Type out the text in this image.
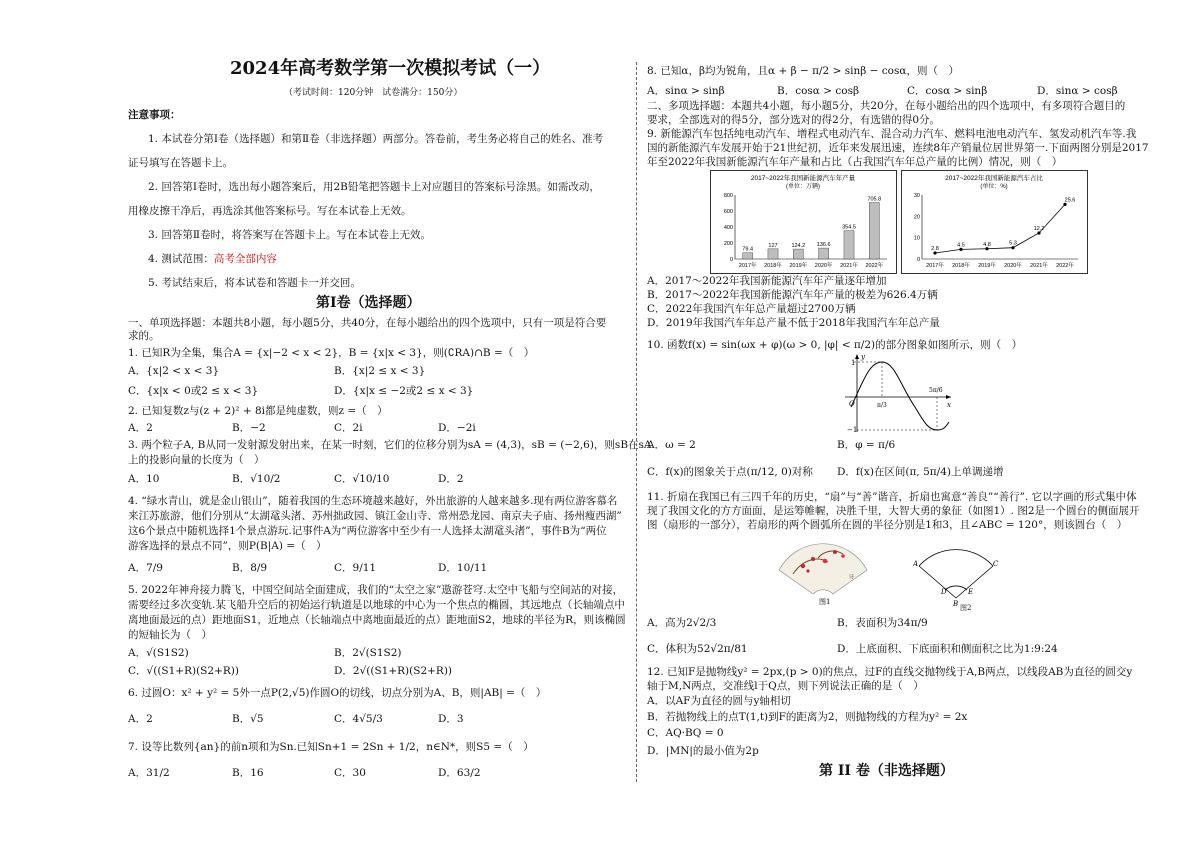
2024年高考数学第一次模拟考试（一）
（考试时间：120分钟　试卷满分：150分）
注意事项：
1. 本试卷分第Ⅰ卷（选择题）和第Ⅱ卷（非选择题）两部分。答卷前，考生务必将自己的姓名、准考
证号填写在答题卡上。
2. 回答第Ⅰ卷时，选出每小题答案后，用2B铅笔把答题卡上对应题目的答案标号涂黑。如需改动，
用橡皮擦干净后，再选涂其他答案标号。写在本试卷上无效。
3. 回答第Ⅱ卷时，将答案写在答题卡上。写在本试卷上无效。
4. 测试范围：高考全部内容
5. 考试结束后，将本试卷和答题卡一并交回。
第Ⅰ卷（选择题）
一、单项选择题：本题共8小题，每小题5分，共40分，在每小题给出的四个选项中，只有一项是符合要
求的。
1. 已知R为全集，集合A = {x|−2 < x < 2}，B = {x|x < 3}，则(∁RA)∩B =（　）
A．{x|2 < x < 3}	B．{x|2 ≤ x < 3}
C．{x|x < 0或2 ≤ x < 3}	D．{x|x ≤ −2或2 ≤ x < 3}
2. 已知复数z与(z + 2)² + 8i都是纯虚数，则z =（　）
A．2	B．−2	C．2i	D．−2i
3. 两个粒子A, B从同一发射源发射出来，在某一时刻，它们的位移分别为sA = (4,3)，sB = (−2,6)，则sB在sA
上的投影向量的长度为（　）
A．10	B．√10/2	C．√10/10	D．2
4. “绿水青山，就是金山银山”，随着我国的生态环境越来越好，外出旅游的人越来越多.现有两位游客慕名
来江苏旅游，他们分别从“太湖鼋头渚、苏州拙政园、镇江金山寺、常州恐龙园、南京夫子庙、扬州瘦西湖”
这6个景点中随机选择1个景点游玩.记事件A为“两位游客中至少有一人选择太湖鼋头渚”，事件B为“两位
游客选择的景点不同”，则P(B|A) =（　）
A．7/9	B．8/9	C．9/11	D．10/11
5. 2022年神舟接力腾飞，中国空间站全面建成，我们的“太空之家”遨游苍穹.太空中飞船与空间站的对接，
需要经过多次变轨.某飞船升空后的初始运行轨道是以地球的中心为一个焦点的椭圆，其远地点（长轴端点中
离地面最远的点）距地面S1，近地点（长轴端点中离地面最近的点）距地面S2，地球的半径为R，则该椭圆
的短轴长为（　）
A．√(S1S2)	B．2√(S1S2)
C．√((S1+R)(S2+R))	D．2√((S1+R)(S2+R))
6. 过圆O：x² + y² = 5外一点P(2,√5)作圆O的切线，切点分别为A、B，则|AB| =（　）
A．2	B．√5	C．4√5/3	D．3
7. 设等比数列{an}的前n项和为Sn.已知Sn+1 = 2Sn + 1/2，n∈N*，则S5 =（　）
A．31/2	B．16	C．30	D．63/2
8. 已知α，β均为锐角，且α + β − π/2 > sinβ − cosα，则（　）
A．sinα > sinβ	B．cosα > cosβ	C．cosα > sinβ	D．sinα > cosβ
二、多项选择题：本题共4小题，每小题5分，共20分，在每小题给出的四个选项中，有多项符合题目的
要求，全部选对的得5分，部分选对的得2分，有选错的得0分。
9. 新能源汽车包括纯电动汽车、增程式电动汽车、混合动力汽车、燃料电池电动汽车、氢发动机汽车等.我
国的新能源汽车发展开始于21世纪初，近年来发展迅速，连续8年产销量位居世界第一.下面两图分别是2017
年至2022年我国新能源汽车年产量和占比（占我国汽车年总产量的比例）情况，则（　）
2017~2022年我国新能源汽车年产量
(单位：万辆)
0
200
400
600
800
79.4
2017年
127
2018年
124.2
2019年
136.6
2020年
354.5
2021年
705.8
2022年
2017~2022年我国新能源汽车占比
(单位：%)
0
10
20
30
2.8
2017年
4.5
2018年
4.8
2019年
5.3
2020年
12.2
2021年
25.6
2022年
A．2017～2022年我国新能源汽车年产量逐年增加
B．2017～2022年我国新能源汽车年产量的极差为626.4万辆
C．2022年我国汽车年总产量超过2700万辆
D．2019年我国汽车年总产量不低于2018年我国汽车年总产量
10. 函数f(x) = sin(ωx + φ)(ω > 0, |φ| < π/2)的部分图象如图所示，则（　）
1
−1
O
y
x
π/3
5π/6
A．ω = 2	B．φ = π/6
C．f(x)的图象关于点(π/12, 0)对称 D．f(x)在区间(π, 5π/4)上单调递增
11. 折扇在我国已有三四千年的历史，“扇”与“善”谐音，折扇也寓意“善良”“善行”. 它以字画的形式集中体
现了我国文化的方方面面，是运筹帷幄，决胜千里，大智大勇的象征（如图1）. 图2是一个圆台的侧面展开
图（扇形的一部分），若扇形的两个圆弧所在圆的半径分别是1和3，且∠ABC = 120°，则该圆台（　）
诗
图1
A
B
C
D	E
图2
A．高为2√2/3	B．表面积为34π/9
C．体积为52√2π/81	D．上底面积、下底面积和侧面积之比为1:9:24
12. 已知F是抛物线y² = 2px,(p > 0)的焦点，过F的直线交抛物线于A,B两点，以线段AB为直径的圆交y
轴于M,N两点，交准线l于Q点，则下列说法正确的是（　）
A．以AF为直径的圆与y轴相切
B．若抛物线上的点T(1,t)到F的距离为2，则抛物线的方程为y² = 2x
C．AQ·BQ = 0
D．|MN|的最小值为2p
第 II 卷（非选择题）
